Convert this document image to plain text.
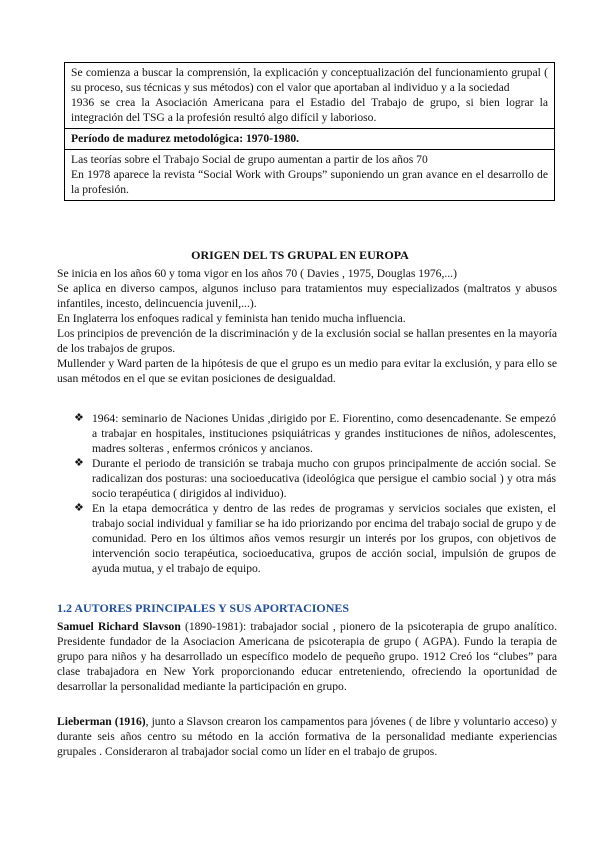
Se comienza a buscar la comprensión, la explicación y conceptualización del funcionamiento grupal ( su proceso, sus técnicas y sus métodos) con el valor que aportaban al individuo y a la sociedad

1936 se crea la Asociación Americana para el Estadio del Trabajo de grupo, si bien lograr la integración del TSG a la profesión resultó algo difícil y laborioso.

Período de madurez metodológica: 1970-1980.

Las teorías sobre el Trabajo Social de grupo aumentan a partir de los años 70

En 1978 aparece la revista “Social Work with Groups” suponiendo un gran avance en el desarrollo de la profesión.

ORIGEN DEL TS GRUPAL EN EUROPA

Se inicia en los años 60 y toma vigor en los años 70 ( Davies , 1975, Douglas 1976,...)

Se aplica en diverso campos, algunos incluso para tratamientos muy especializados (maltratos y abusos infantiles, incesto, delincuencia juvenil,...).

En Inglaterra los enfoques radical y feminista han tenido mucha influencia.

Los principios de prevención de la discriminación y de la exclusión social se hallan presentes en la mayoría de los trabajos de grupos.

Mullender y Ward parten de la hipótesis de que el grupo es un medio para evitar la exclusión, y para ello se usan métodos en el que se evitan posiciones de desigualdad.

❖ 1964: seminario de Naciones Unidas ,dirigido por E. Fiorentino, como desencadenante. Se empezó a trabajar en hospitales, instituciones psiquiátricas y grandes instituciones de niños, adolescentes, madres solteras , enfermos crónicos y ancianos.
❖ Durante el periodo de transición se trabaja mucho con grupos principalmente de acción social. Se radicalizan dos posturas: una socioeducativa (ideológica que persigue el cambio social ) y otra más socio terapéutica ( dirigidos al individuo).
❖ En la etapa democrática y dentro de las redes de programas y servicios sociales que existen, el trabajo social individual y familiar se ha ido priorizando por encima del trabajo social de grupo y de comunidad. Pero en los últimos años vemos resurgir un interés por los grupos, con objetivos de intervención socio terapéutica, socioeducativa, grupos de acción social, impulsión de grupos de ayuda mutua, y el trabajo de equipo.
1.2 AUTORES PRINCIPALES Y SUS APORTACIONES

Samuel Richard Slavson (1890-1981): trabajador social , pionero de la psicoterapia de grupo analítico. Presidente fundador de la Asociacion Americana de psicoterapia de grupo ( AGPA). Fundo la terapia de grupo para niños y ha desarrollado un específico modelo de pequeño grupo. 1912 Creó los “clubes” para clase trabajadora en New York proporcionando educar entreteniendo, ofreciendo la oportunidad de desarrollar la personalidad mediante la participación en grupo.

Lieberman (1916), junto a Slavson crearon los campamentos para jóvenes ( de libre y voluntario acceso) y durante seis años centro su método en la acción formativa de la personalidad mediante experiencias grupales . Consideraron al trabajador social como un líder en el trabajo de grupos.
